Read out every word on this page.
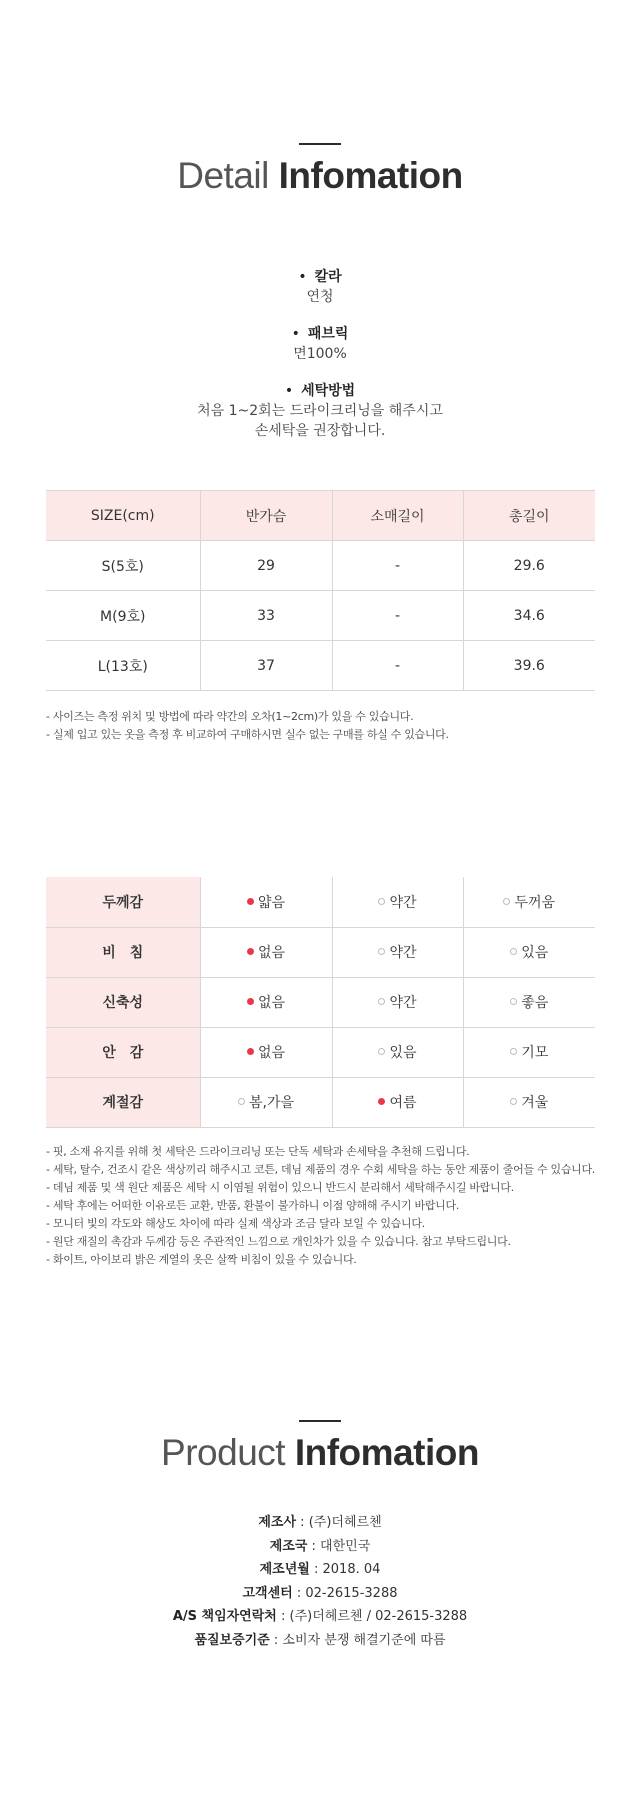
Detail Infomation
• 칼라
연청
• 패브릭
면100%
• 세탁방법
처음 1~2회는 드라이크리닝을 해주시고
손세탁을 권장합니다.
SIZE(cm)	반가슴	소매길이	총길이
S(5호)	29	-	29.6
M(9호)	33	-	34.6
L(13호)	37	-	39.6
- 사이즈는 측정 위치 및 방법에 따라 약간의 오차(1~2cm)가 있을 수 있습니다.
- 실제 입고 있는 옷을 측정 후 비교하여 구매하시면 실수 없는 구매를 하실 수 있습니다.
두께감	얇음	약간	두꺼움
비　침	없음	약간	있음
신축성	없음	약간	좋음
안　감	없음	있음	기모
계절감	봄,가을	여름	겨울
- 핏, 소재 유지를 위해 첫 세탁은 드라이크리닝 또는 단독 세탁과 손세탁을 추천해 드립니다.
- 세탁, 탈수, 건조시 같은 색상끼리 해주시고 코튼, 데님 제품의 경우 수회 세탁을 하는 동안 제품이 줄어들 수 있습니다.
- 데님 제품 및 색 원단 제품은 세탁 시 이염될 위험이 있으니 반드시 분리해서 세탁해주시길 바랍니다.
- 세탁 후에는 어떠한 이유로든 교환, 반품, 환불이 불가하니 이점 양해해 주시기 바랍니다.
- 모니터 빛의 각도와 해상도 차이에 따라 실제 색상과 조금 달라 보일 수 있습니다.
- 원단 재질의 촉감과 두께감 등은 주관적인 느낌으로 개인차가 있을 수 있습니다. 참고 부탁드립니다.
- 화이트, 아이보리 밝은 계열의 옷은 살짝 비침이 있을 수 있습니다.
Product Infomation
제조사 : (주)더헤르첸
제조국 : 대한민국
제조년월 : 2018. 04
고객센터 : 02-2615-3288
A/S 책임자연락처 : (주)더헤르첸 / 02-2615-3288
품질보증기준 : 소비자 분쟁 해결기준에 따름
